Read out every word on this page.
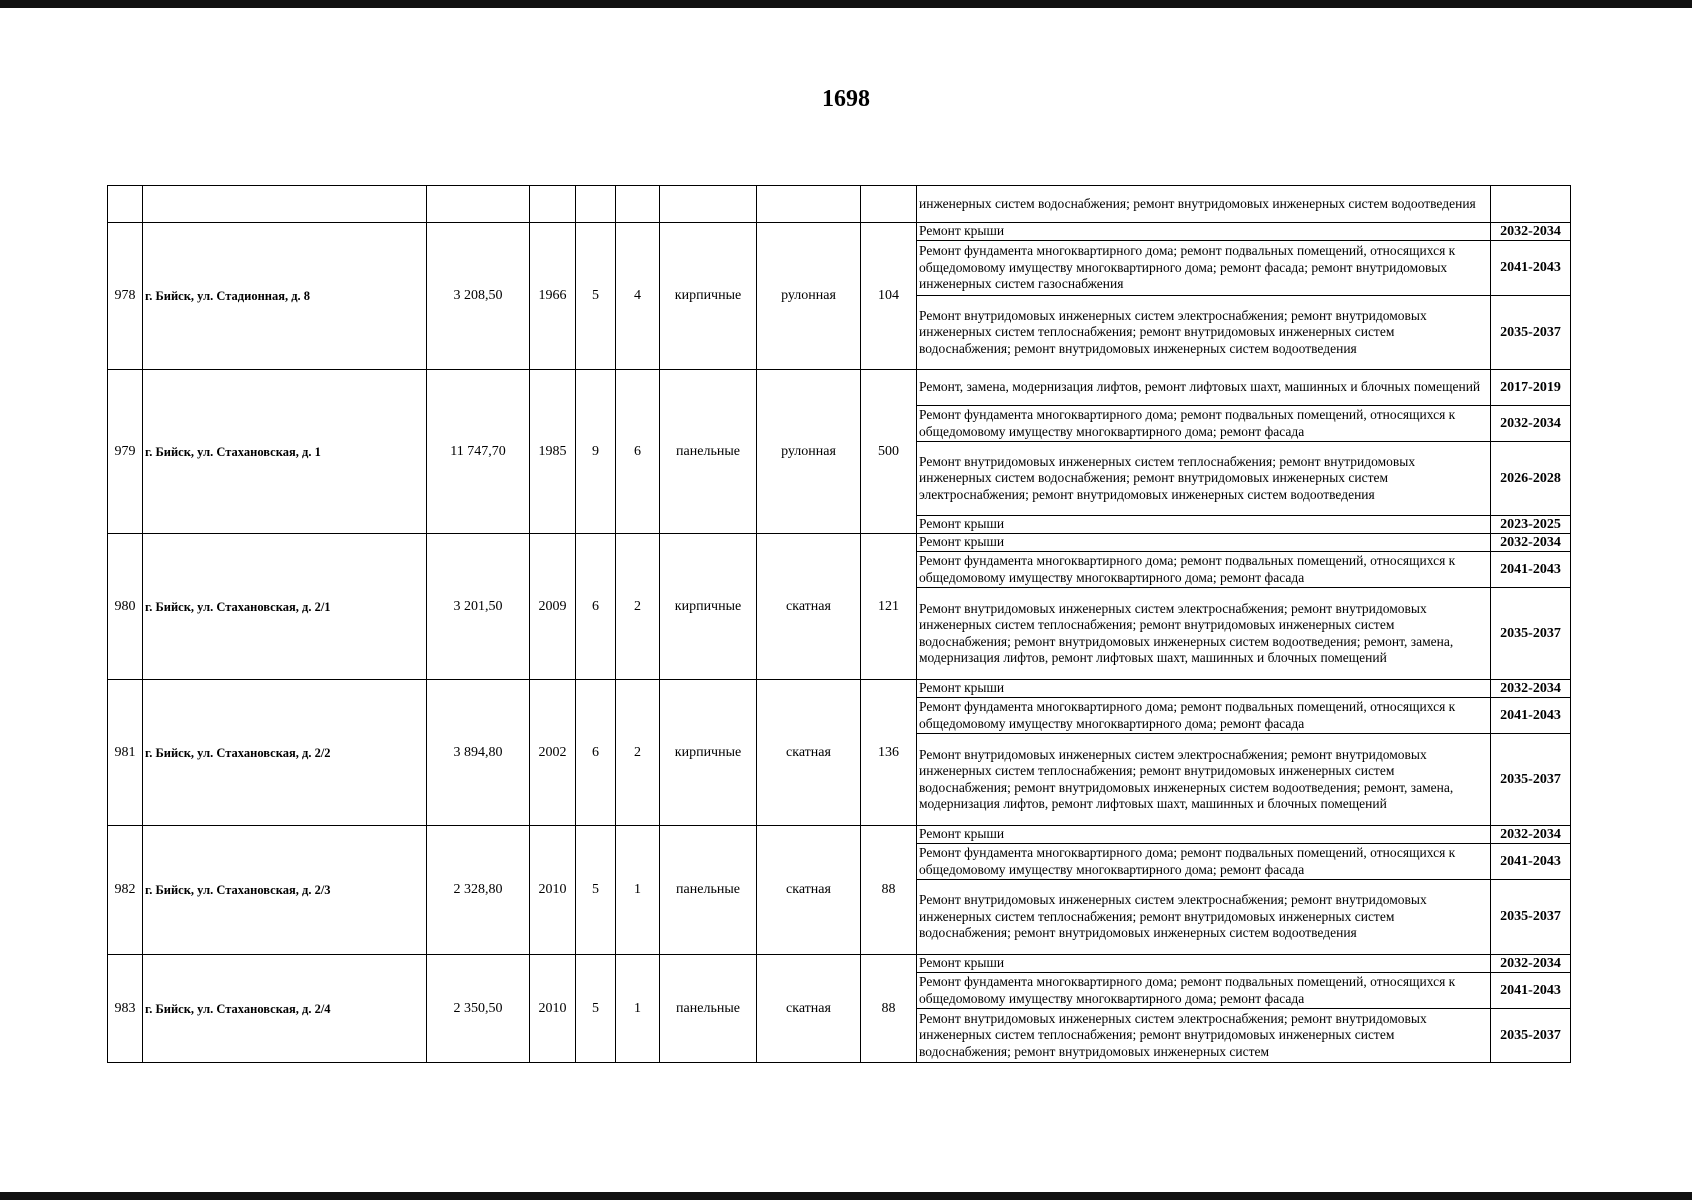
1698
									инженерных систем водоснабжения; ремонт внутридомовых инженерных систем водоотведения	
978	г. Бийск, ул. Стадионная, д. 8	3 208,50	1966	5	4	кирпичные	рулонная	104	Ремонт крыши	2032-2034
									Ремонт фундамента многоквартирного дома; ремонт подвальных помещений, относящихся к общедомовому имуществу многоквартирного дома; ремонт фасада; ремонт внутридомовых инженерных систем газоснабжения	2041-2043
									Ремонт внутридомовых инженерных систем электроснабжения; ремонт внутридомовых инженерных систем теплоснабжения; ремонт внутридомовых инженерных систем водоснабжения; ремонт внутридомовых инженерных систем водоотведения	2035-2037
979	г. Бийск, ул. Стахановская, д. 1	11 747,70	1985	9	6	панельные	рулонная	500	Ремонт, замена, модернизация лифтов, ремонт лифтовых шахт, машинных и блочных помещений	2017-2019
									Ремонт фундамента многоквартирного дома; ремонт подвальных помещений, относящихся к общедомовому имуществу многоквартирного дома; ремонт фасада	2032-2034
									Ремонт внутридомовых инженерных систем теплоснабжения; ремонт внутридомовых инженерных систем водоснабжения; ремонт внутридомовых инженерных систем электроснабжения; ремонт внутридомовых инженерных систем водоотведения	2026-2028
									Ремонт крыши	2023-2025
980	г. Бийск, ул. Стахановская, д. 2/1	3 201,50	2009	6	2	кирпичные	скатная	121	Ремонт крыши	2032-2034
									Ремонт фундамента многоквартирного дома; ремонт подвальных помещений, относящихся к общедомовому имуществу многоквартирного дома; ремонт фасада	2041-2043
									Ремонт внутридомовых инженерных систем электроснабжения; ремонт внутридомовых инженерных систем теплоснабжения; ремонт внутридомовых инженерных систем водоснабжения; ремонт внутридомовых инженерных систем водоотведения; ремонт, замена, модернизация лифтов, ремонт лифтовых шахт, машинных и блочных помещений	2035-2037
981	г. Бийск, ул. Стахановская, д. 2/2	3 894,80	2002	6	2	кирпичные	скатная	136	Ремонт крыши	2032-2034
									Ремонт фундамента многоквартирного дома; ремонт подвальных помещений, относящихся к общедомовому имуществу многоквартирного дома; ремонт фасада	2041-2043
									Ремонт внутридомовых инженерных систем электроснабжения; ремонт внутридомовых инженерных систем теплоснабжения; ремонт внутридомовых инженерных систем водоснабжения; ремонт внутридомовых инженерных систем водоотведения; ремонт, замена, модернизация лифтов, ремонт лифтовых шахт, машинных и блочных помещений	2035-2037
982	г. Бийск, ул. Стахановская, д. 2/3	2 328,80	2010	5	1	панельные	скатная	88	Ремонт крыши	2032-2034
									Ремонт фундамента многоквартирного дома; ремонт подвальных помещений, относящихся к общедомовому имуществу многоквартирного дома; ремонт фасада	2041-2043
									Ремонт внутридомовых инженерных систем электроснабжения; ремонт внутридомовых инженерных систем теплоснабжения; ремонт внутридомовых инженерных систем водоснабжения; ремонт внутридомовых инженерных систем водоотведения	2035-2037
983	г. Бийск, ул. Стахановская, д. 2/4	2 350,50	2010	5	1	панельные	скатная	88	Ремонт крыши	2032-2034
									Ремонт фундамента многоквартирного дома; ремонт подвальных помещений, относящихся к общедомовому имуществу многоквартирного дома; ремонт фасада	2041-2043
									Ремонт внутридомовых инженерных систем электроснабжения; ремонт внутридомовых инженерных систем теплоснабжения; ремонт внутридомовых инженерных систем водоснабжения; ремонт внутридомовых инженерных систем	2035-2037
